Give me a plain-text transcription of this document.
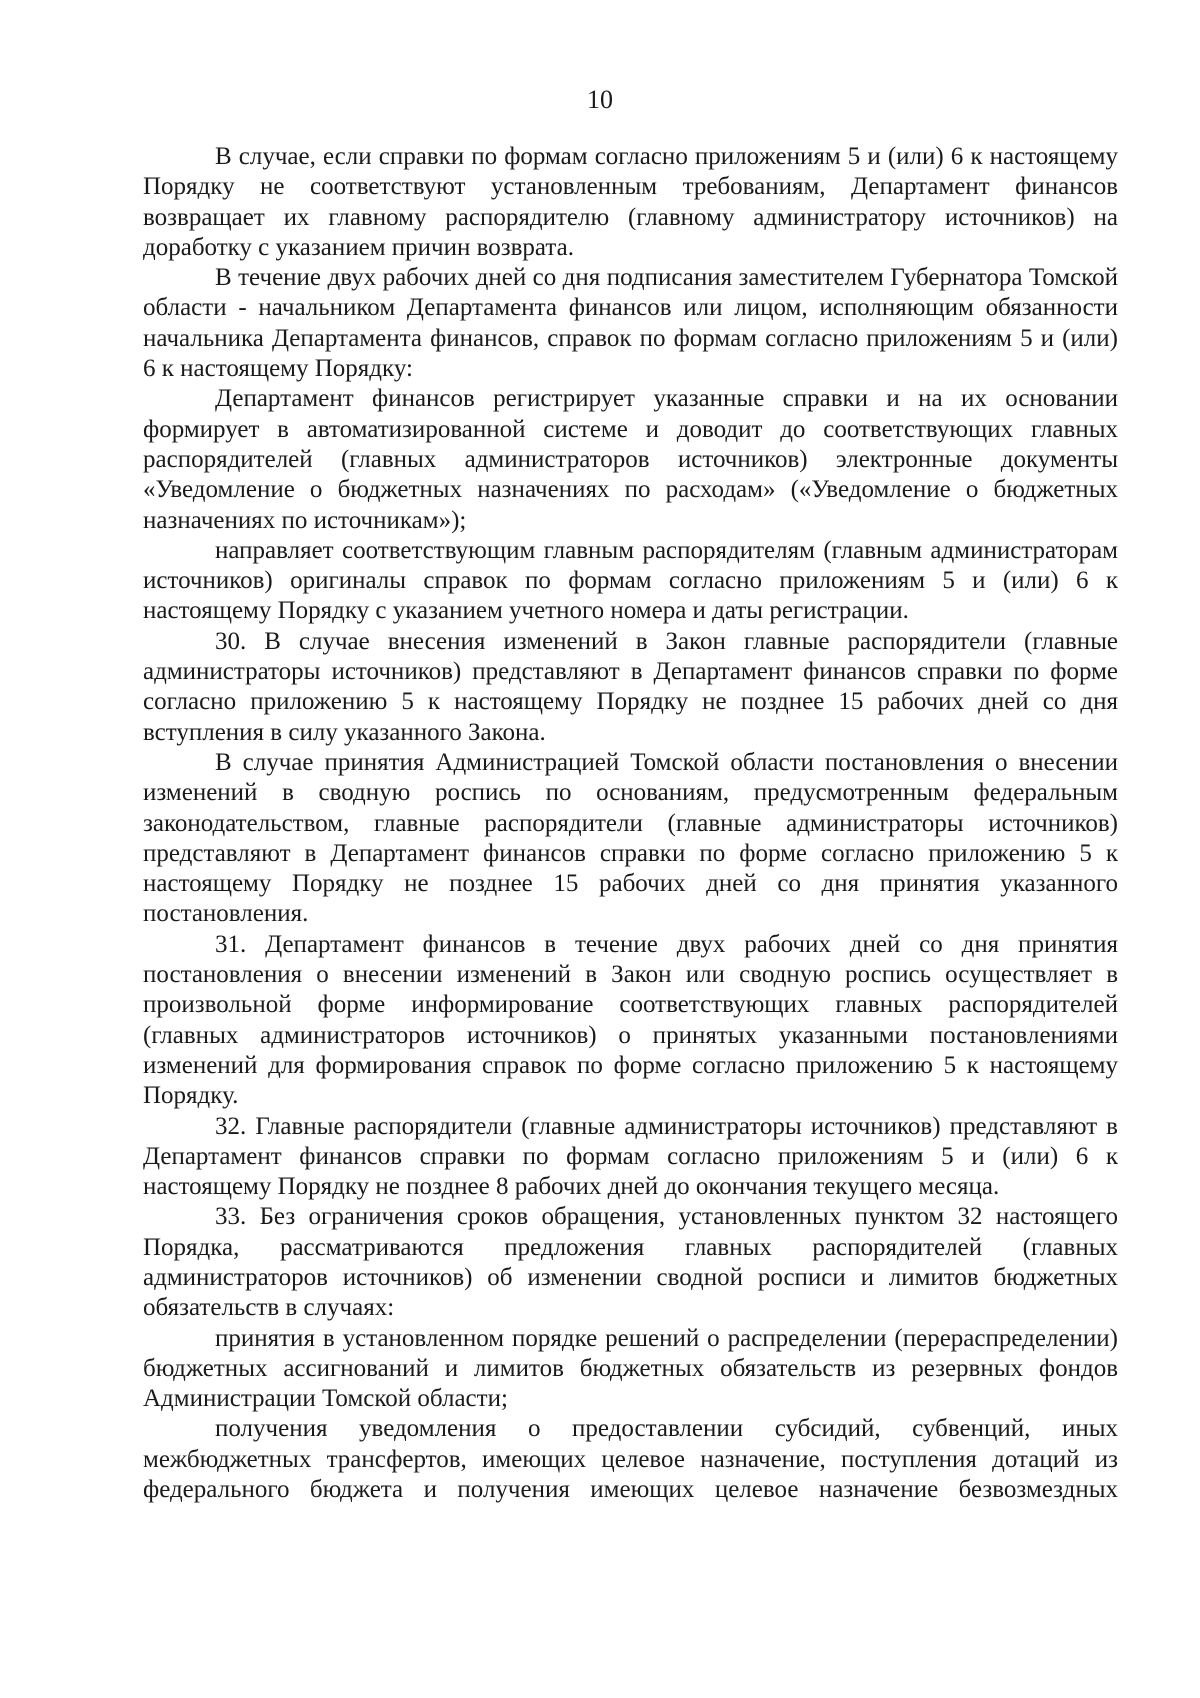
10

В случае, если справки по формам согласно приложениям 5 и (или) 6 к настоящему Порядку не соответствуют установленным требованиям, Департамент финансов возвращает их главному распорядителю (главному администратору источников) на доработку с указанием причин возврата.

В течение двух рабочих дней со дня подписания заместителем Губернатора Томской области - начальником Департамента финансов или лицом, исполняющим обязанности начальника Департамента финансов, справок по формам согласно приложениям 5 и (или) 6 к настоящему Порядку:

Департамент финансов регистрирует указанные справки и на их основании формирует в автоматизированной системе и доводит до соответствующих главных распорядителей (главных администраторов источников) электронные документы «Уведомление о бюджетных назначениях по расходам» («Уведомление о бюджетных назначениях по источникам»);

направляет соответствующим главным распорядителям (главным администраторам источников) оригиналы справок по формам согласно приложениям 5 и (или) 6 к настоящему Порядку с указанием учетного номера и даты регистрации.

30. В случае внесения изменений в Закон главные распорядители (главные администраторы источников) представляют в Департамент финансов справки по форме согласно приложению 5 к настоящему Порядку не позднее 15 рабочих дней со дня вступления в силу указанного Закона.

В случае принятия Администрацией Томской области постановления о внесении изменений в сводную роспись по основаниям, предусмотренным федеральным законодательством, главные распорядители (главные администраторы источников) представляют в Департамент финансов справки по форме согласно приложению 5 к настоящему Порядку не позднее 15 рабочих дней со дня принятия указанного постановления.

31. Департамент финансов в течение двух рабочих дней со дня принятия постановления о внесении изменений в Закон или сводную роспись осуществляет в произвольной форме информирование соответствующих главных распорядителей (главных администраторов источников) о принятых указанными постановлениями изменений для формирования справок по форме согласно приложению 5 к настоящему Порядку.

32. Главные распорядители (главные администраторы источников) представляют в Департамент финансов справки по формам согласно приложениям 5 и (или) 6 к настоящему Порядку не позднее 8 рабочих дней до окончания текущего месяца.

33. Без ограничения сроков обращения, установленных пунктом 32 настоящего Порядка, рассматриваются предложения главных распорядителей (главных администраторов источников) об изменении сводной росписи и лимитов бюджетных обязательств в случаях:

принятия в установленном порядке решений о распределении (перераспределении) бюджетных ассигнований и лимитов бюджетных обязательств из резервных фондов Администрации Томской области;

получения уведомления о предоставлении субсидий, субвенций, иных межбюджетных трансфертов, имеющих целевое назначение, поступления дотаций из федерального бюджета и получения имеющих целевое назначение безвозмездных
